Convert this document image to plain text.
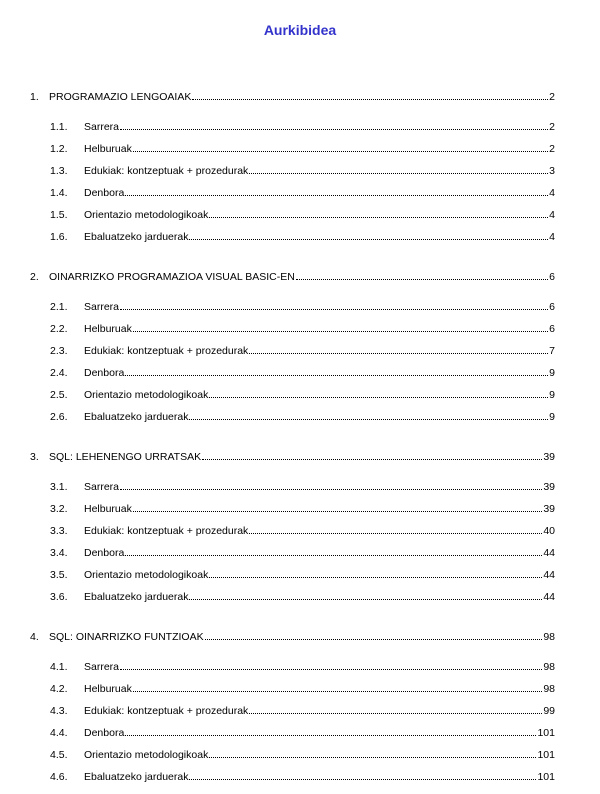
Aurkibidea
1. PROGRAMAZIO LENGOAIAK	2
1.1.	Sarrera	2
1.2.	Helburuak	2
1.3.	Edukiak: kontzeptuak + prozedurak	3
1.4.	Denbora	4
1.5.	Orientazio metodologikoak	4
1.6.	Ebaluatzeko jarduerak	4
2. OINARRIZKO PROGRAMAZIOA VISUAL BASIC-EN	6
2.1.	Sarrera	6
2.2.	Helburuak	6
2.3.	Edukiak: kontzeptuak + prozedurak	7
2.4.	Denbora	9
2.5.	Orientazio metodologikoak	9
2.6.	Ebaluatzeko jarduerak	9
3. SQL: LEHENENGO URRATSAK	39
3.1.	Sarrera	39
3.2.	Helburuak	39
3.3.	Edukiak: kontzeptuak + prozedurak	40
3.4.	Denbora	44
3.5.	Orientazio metodologikoak	44
3.6.	Ebaluatzeko jarduerak	44
4. SQL: OINARRIZKO FUNTZIOAK	98
4.1.	Sarrera	98
4.2.	Helburuak	98
4.3.	Edukiak: kontzeptuak + prozedurak	99
4.4.	Denbora	101
4.5.	Orientazio metodologikoak	101
4.6.	Ebaluatzeko jarduerak	101
